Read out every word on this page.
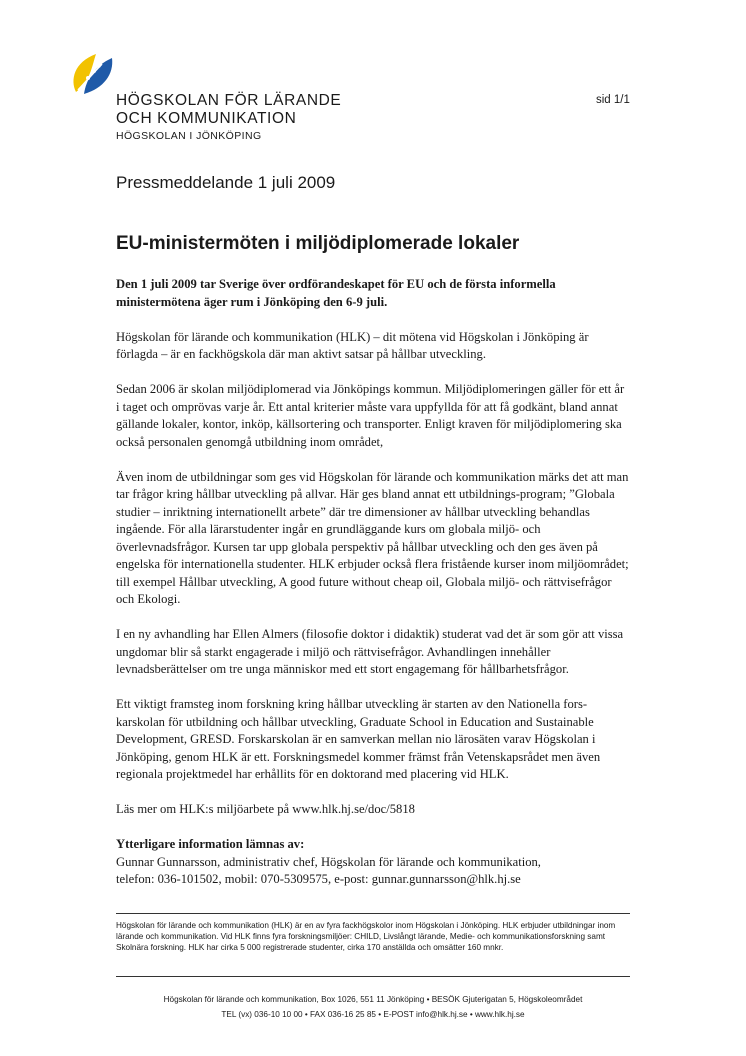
HÖGSKOLAN FÖR LÄRANDE
OCH KOMMUNIKATION
HÖGSKOLAN I JÖNKÖPING
sid 1/1
Pressmeddelande 1 juli 2009
EU-ministermöten i miljödiplomerade lokaler

Den 1 juli 2009 tar Sverige över ordförandeskapet för EU och de första informella ministermötena äger rum i Jönköping den 6-9 juli.

Högskolan för lärande och kommunikation (HLK) – dit mötena vid Högskolan i Jönköping är förlagda – är en fackhögskola där man aktivt satsar på hållbar utveckling.

Sedan 2006 är skolan miljödiplomerad via Jönköpings kommun. Miljödiplomeringen gäller för ett år i taget och omprövas varje år. Ett antal kriterier måste vara uppfyllda för att få godkänt, bland annat gällande lokaler, kontor, inköp, källsortering och transporter. Enligt kraven för miljödiplomering ska också personalen genomgå utbildning inom området,

Även inom de utbildningar som ges vid Högskolan för lärande och kommunikation märks det att man tar frågor kring hållbar utveckling på allvar. Här ges bland annat ett utbildnings-program; ”Globala studier – inriktning internationellt arbete” där tre dimensioner av hållbar utveckling behandlas ingående. För alla lärarstudenter ingår en grundläggande kurs om globala miljö- och överlevnadsfrågor. Kursen tar upp globala perspektiv på hållbar utveckling och den ges även på engelska för internationella studenter. HLK erbjuder också flera fristående kurser inom miljöområdet; till exempel Hållbar utveckling, A good future without cheap oil, Globala miljö- och rättvisefrågor och Ekologi.

I en ny avhandling har Ellen Almers (filosofie doktor i didaktik) studerat vad det är som gör att vissa ungdomar blir så starkt engagerade i miljö och rättvisefrågor. Avhandlingen innehåller levnadsberättelser om tre unga människor med ett stort engagemang för hållbarhetsfrågor.

Ett viktigt framsteg inom forskning kring hållbar utveckling är starten av den Nationella fors-karskolan för utbildning och hållbar utveckling, Graduate School in Education and Sustainable Development, GRESD. Forskarskolan är en samverkan mellan nio lärosäten varav Högskolan i Jönköping, genom HLK är ett. Forskningsmedel kommer främst från Vetenskapsrådet men även regionala projektmedel har erhållits för en doktorand med placering vid HLK.

Läs mer om HLK:s miljöarbete på www.hlk.hj.se/doc/5818

Ytterligare information lämnas av:
Gunnar Gunnarsson, administrativ chef, Högskolan för lärande och kommunikation,
telefon: 036-101502, mobil: 070-5309575, e-post: gunnar.gunnarsson@hlk.hj.se
Högskolan för lärande och kommunikation (HLK) är en av fyra fackhögskolor inom Högskolan i Jönköping. HLK erbjuder utbildningar inom lärande och kommunikation. Vid HLK finns fyra forskningsmiljöer: CHILD, Livslångt lärande, Medie- och kommunikationsforskning samt Skolnära forskning. HLK har cirka 5 000 registrerade studenter, cirka 170 anställda och omsätter 160 mnkr.
Högskolan för lärande och kommunikation, Box 1026, 551 11 Jönköping • BESÖK Gjuterigatan 5, Högskoleområdet
TEL (vx) 036-10 10 00 • FAX 036-16 25 85 • E-POST info@hlk.hj.se • www.hlk.hj.se
